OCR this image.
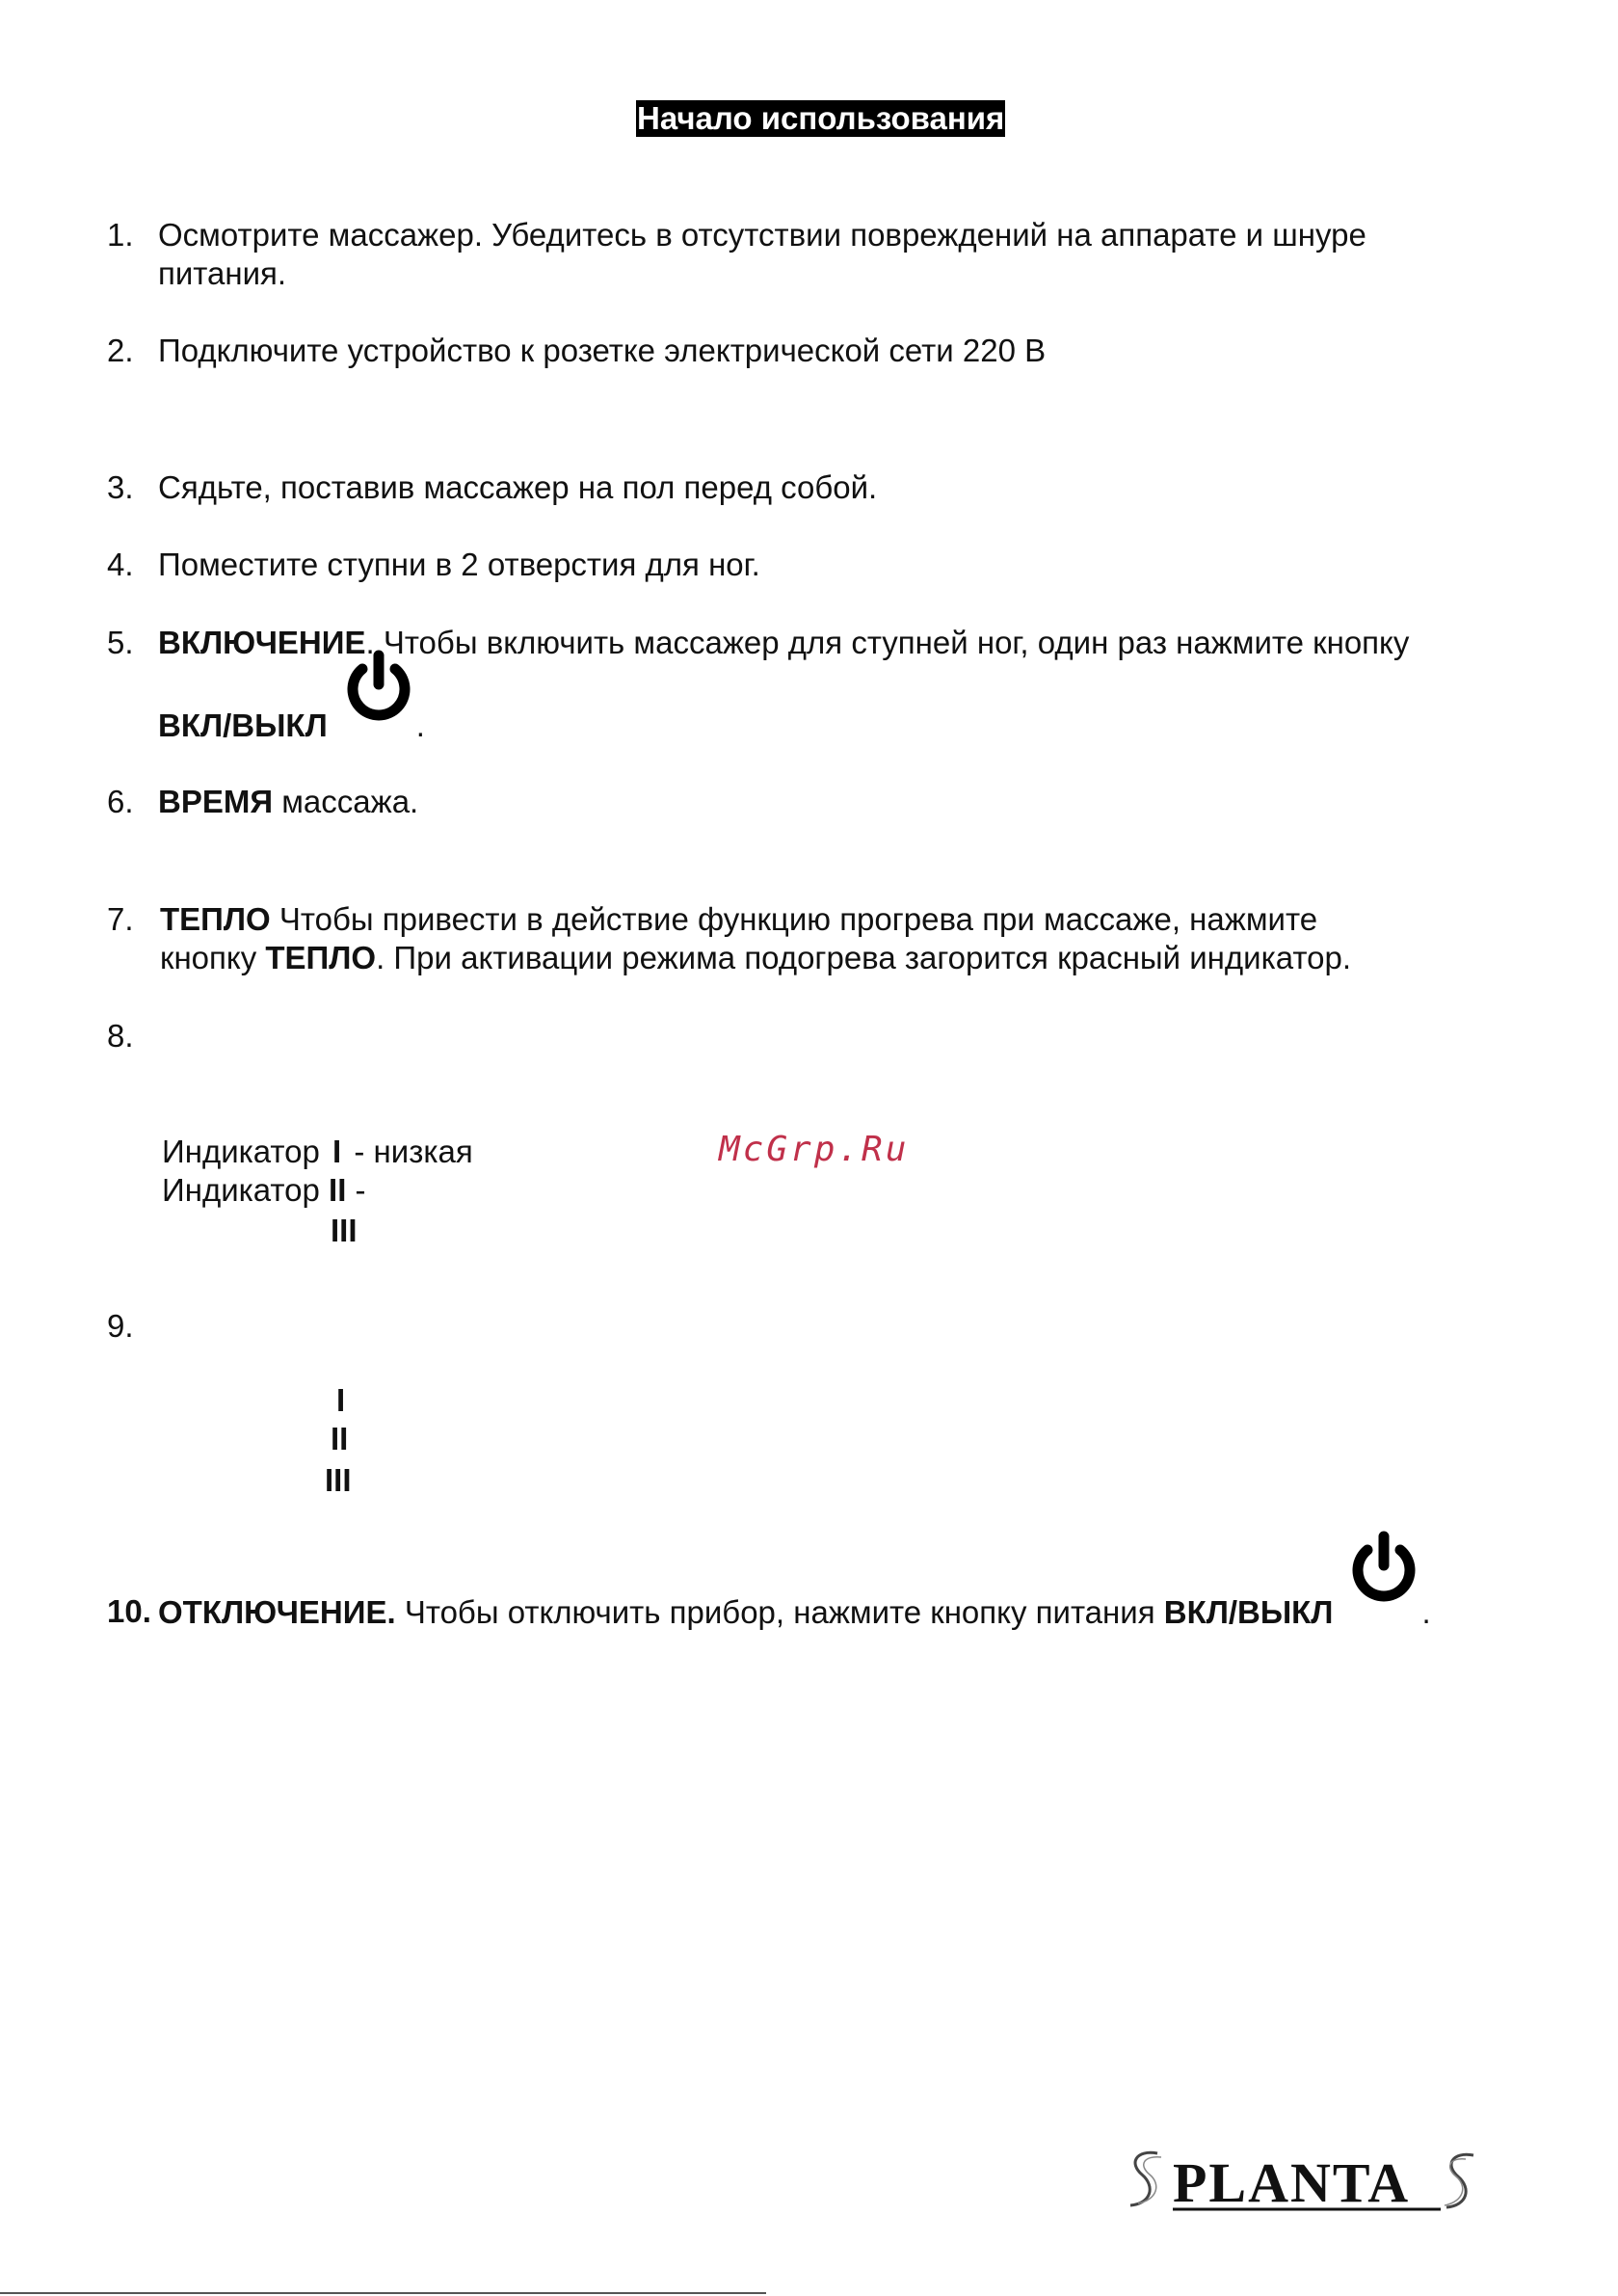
Начало использования
1. Осмотрите массажер. Убедитесь в отсутствии повреждений на аппарате и шнуре
питания.
2. Подключите устройство к розетке электрической сети 220 В
3. Сядьте, поставив массажер на пол перед собой.
4. Поместите ступни в 2 отверстия для ног.
5. ВКЛЮЧЕНИЕ. Чтобы включить массажер для ступней ног, один раз нажмите кнопку
ВКЛ/ВЫКЛ	.
6. ВРЕМЯ массажа.
7. ТЕПЛО Чтобы привести в действие функцию прогрева при массаже, нажмите
кнопку ТЕПЛО. При активации режима подогрева загорится красный индикатор.
8.
Индикатор I - низкая
Индикатор II -
III
McGrp.Ru
9.
I
II
III
10. ОТКЛЮЧЕНИЕ. Чтобы отключить прибор, нажмите кнопку питания ВКЛ/ВЫКЛ	.
PLANTA
